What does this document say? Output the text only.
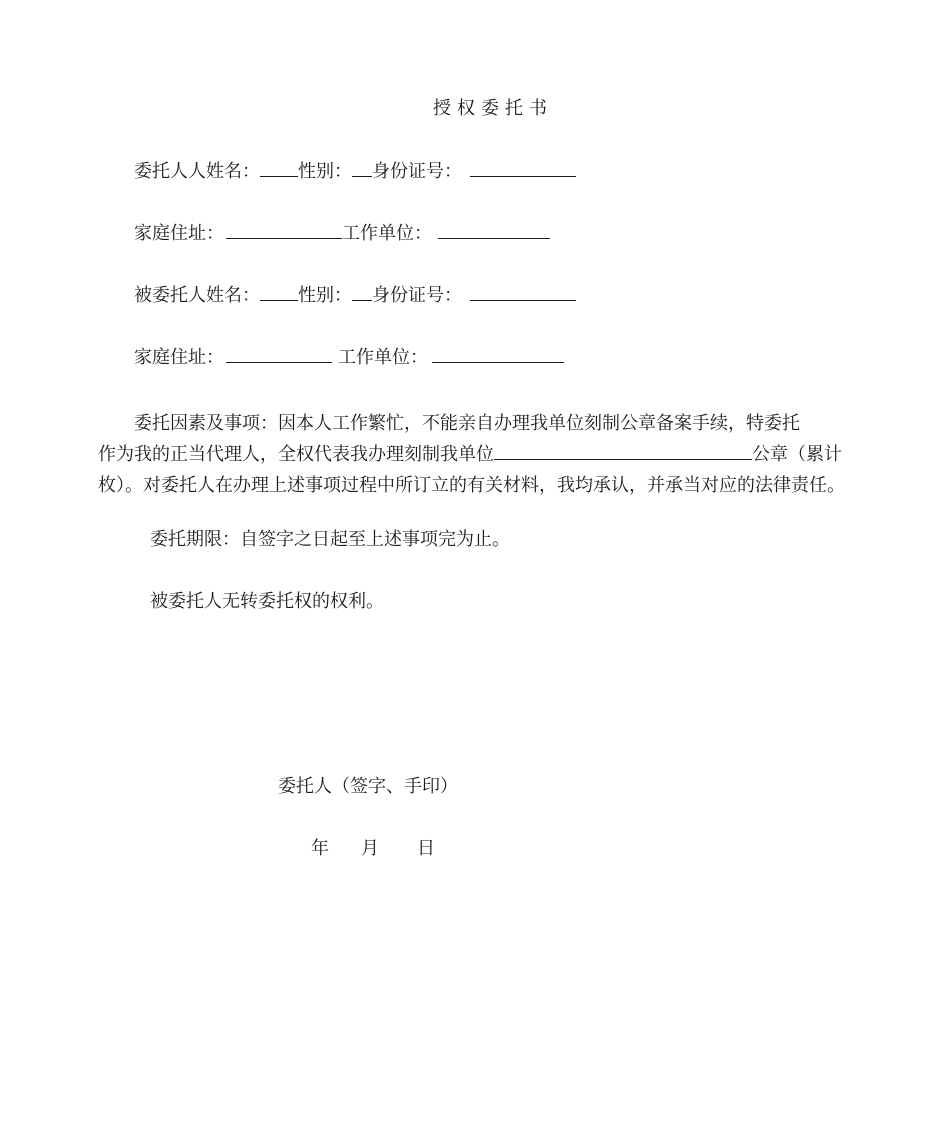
授权委托书
委托人人姓名： 性别： 身份证号：
家庭住址：	工作单位：
被委托人姓名： 性别： 身份证号：
家庭住址：	工作单位：
委托因素及事项：因本人工作繁忙，不能亲自办理我单位刻制公章备案手续，特委托
作为我的正当代理人，全权代表我办理刻制我单位	公章（累计
枚）。对委托人在办理上述事项过程中所订立的有关材料，我均承认，并承当对应的法律责任。
委托期限：自签字之日起至上述事项完为止。
被委托人无转委托权的权利。
委托人（签字、手印）
年 月 日
